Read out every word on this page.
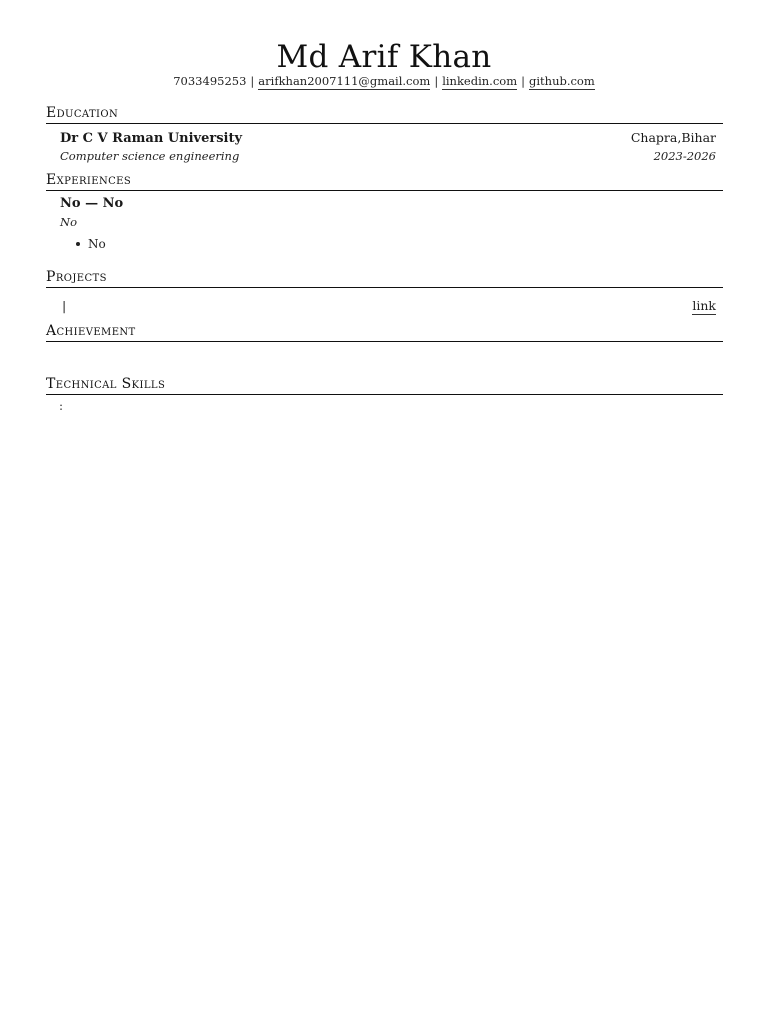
Md Arif Khan
7033495253 | arifkhan2007111@gmail.com | linkedin.com | github.com
Education
Dr C V Raman University	Chapra,Bihar
Computer science engineering	2023-2026
Experiences
No — No
No
No
Projects
|	link
Achievement
Technical Skills
:
